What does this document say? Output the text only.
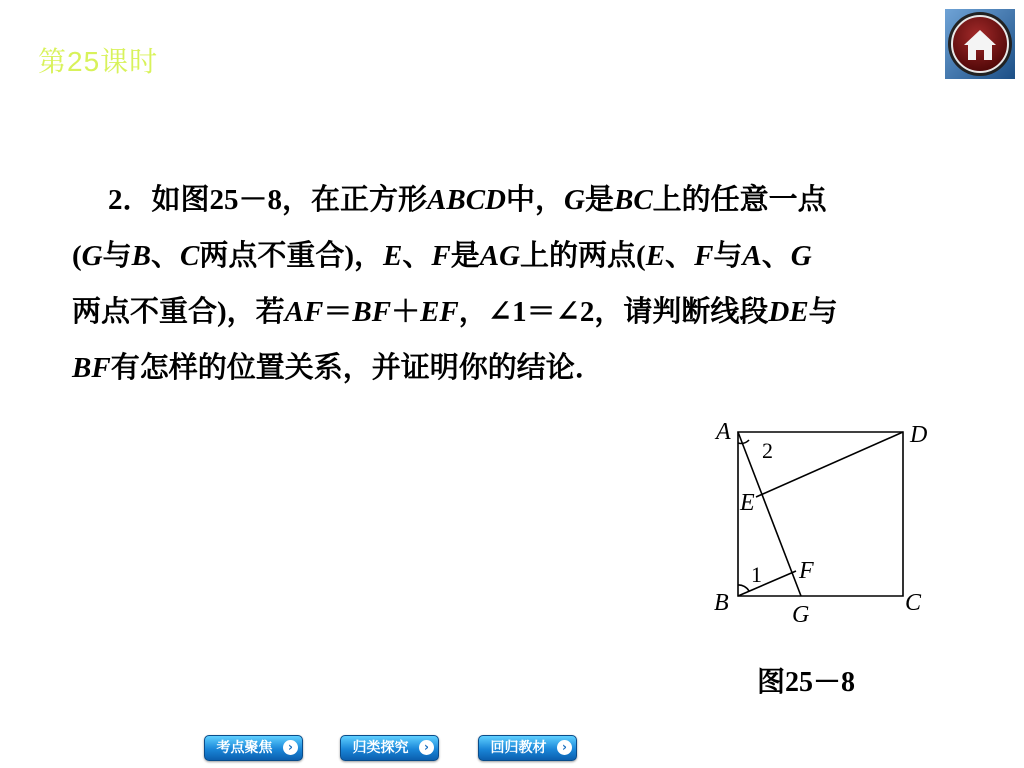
第25课时
2．如图25－8，在正方形ABCD中，G是BC上的任意一点
(G与B、C两点不重合)，E、F是AG上的两点(E、F与A、G
两点不重合)，若AF＝BF＋EF，∠1＝∠2，请判断线段DE与
BF有怎样的位置关系，并证明你的结论．
A	D
E
F
B	C
G
2
1
图25－8
考点聚焦	›	归类探究	›	回归教材	›
